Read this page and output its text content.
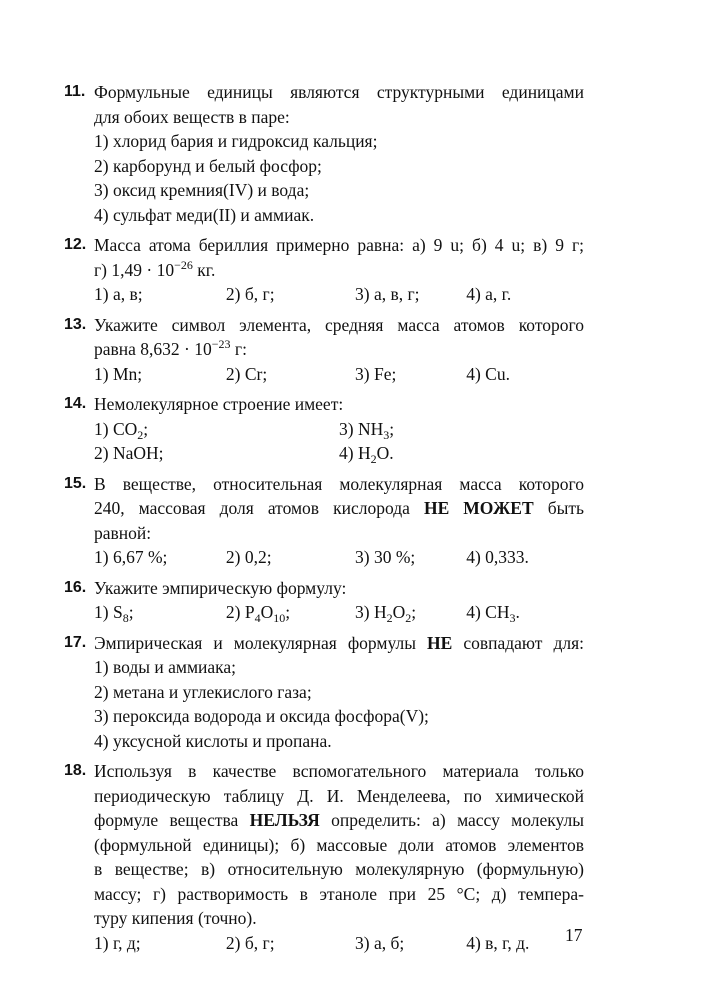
11. Формульные единицы являются структурными единицами
для обоих веществ в паре:
1) хлорид бария и гидроксид кальция;
2) карборунд и белый фосфор;
3) оксид кремния(IV) и вода;
4) сульфат меди(II) и аммиак.
12. Масса атома бериллия примерно равна: а) 9 u; б) 4 u; в) 9 г;
г) $1,49 \cdot 10^{-26}$ кг.
1) а, в;	2) б, г;	3) а, в, г;	4) а, г.
13. Укажите символ элемента, средняя масса атомов которого
равна $8,632 \cdot 10^{-23}$ г:
1) Mn;	2) Cr;	3) Fe;	4) Cu.
14. Немолекулярное строение имеет:
1) $CO_2$;	3) $NH_3$;
2) NaOH;	4) $H_2O$.
15. В веществе, относительная молекулярная масса которого
240, массовая доля атомов кислорода НЕ МОЖЕТ быть
равной:
1) 6,67 %;	2) 0,2;	3) 30 %;	4) 0,333.
16. Укажите эмпирическую формулу:
1) $S_8$;	2) $P_4O_{10}$;	3) $H_2O_2$;	4) $CH_3$.
17. Эмпирическая и молекулярная формулы НЕ совпадают для:
1) воды и аммиака;
2) метана и углекислого газа;
3) пероксида водорода и оксида фосфора(V);
4) уксусной кислоты и пропана.
18. Используя в качестве вспомогательного материала только
периодическую таблицу Д. И. Менделеева, по химической
формуле вещества НЕЛЬЗЯ определить: а) массу молекулы
(формульной единицы); б) массовые доли атомов элементов
в веществе; в) относительную молекулярную (формульную)
массу; г) растворимость в этаноле при 25 °С; д) темпера-
туру кипения (точно).
1) г, д;	2) б, г;	3) а, б;	4) в, г, д.	17
